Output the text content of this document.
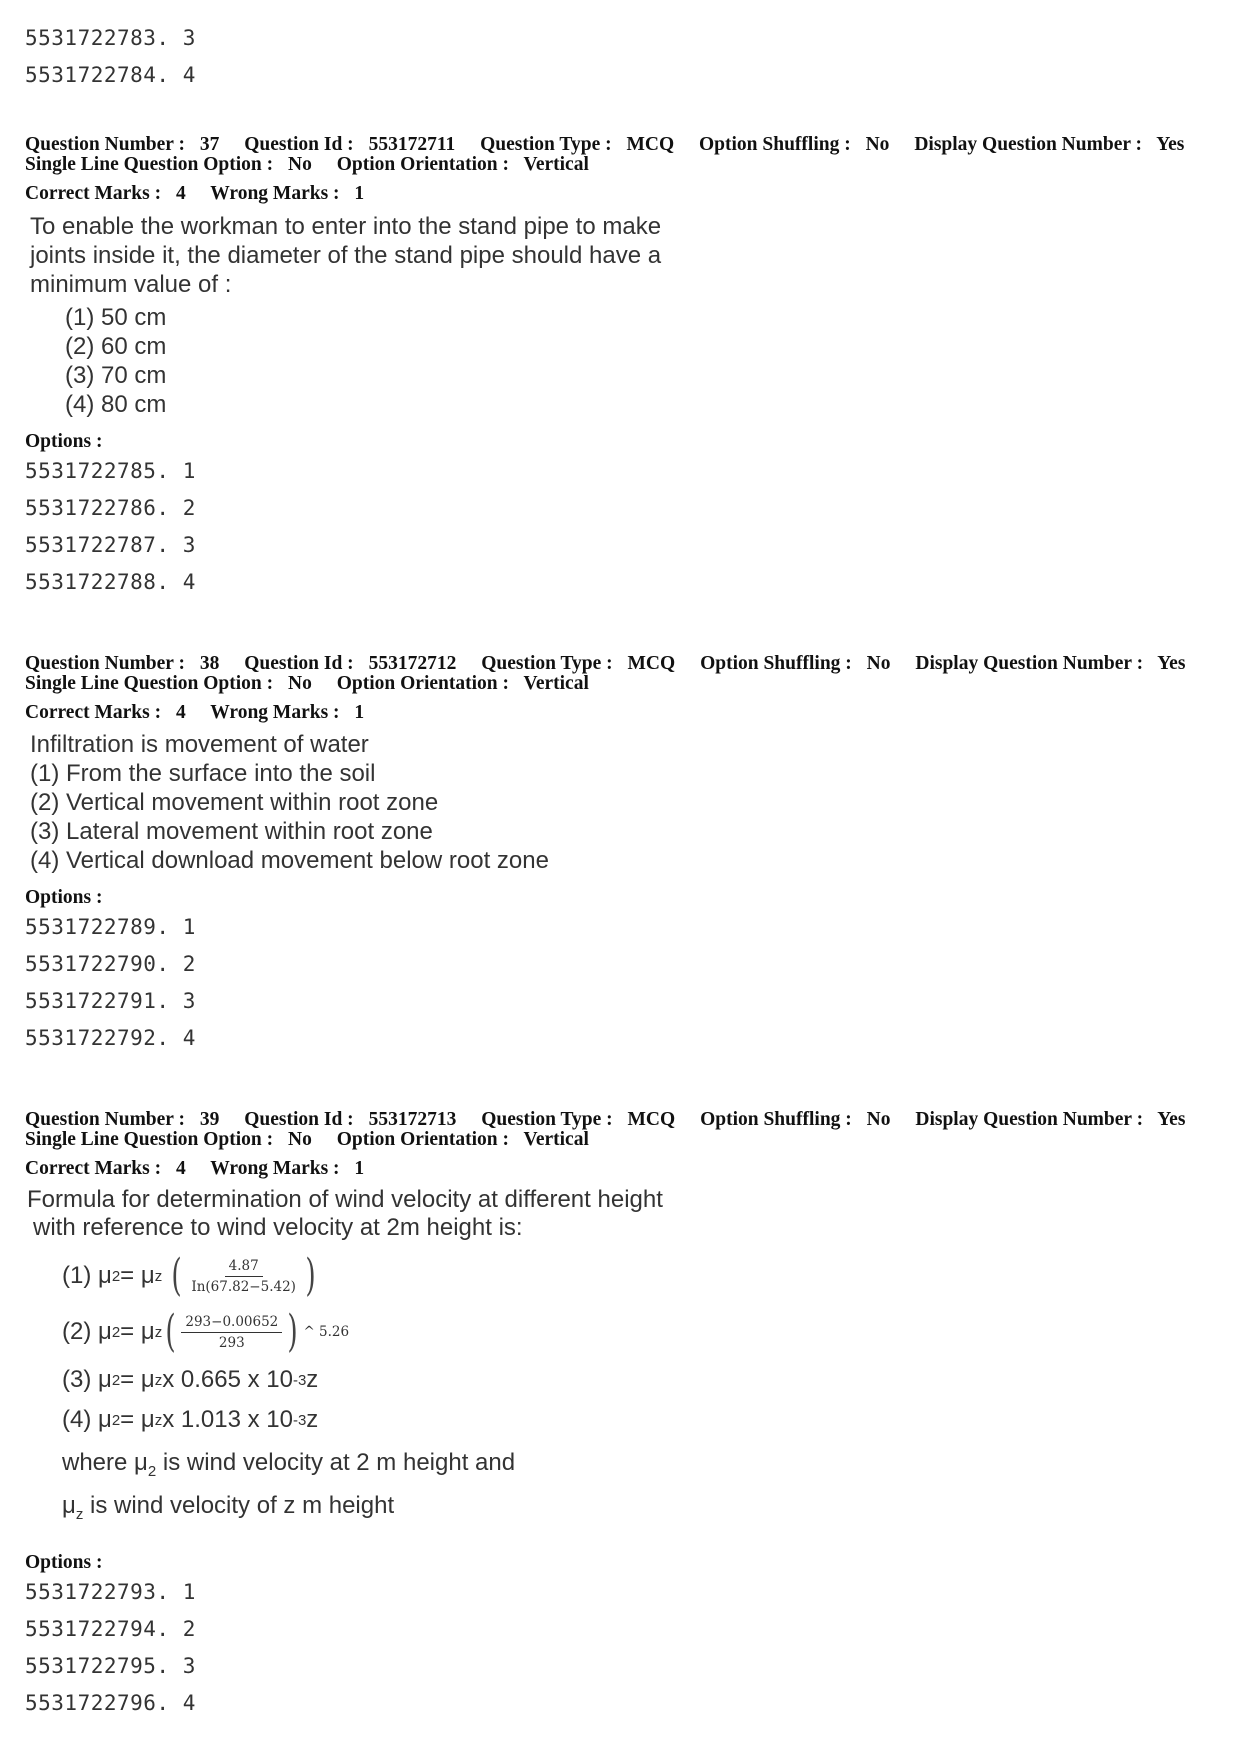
5531722783. 3
5531722784. 4
Question Number : 37 Question Id : 553172711 Question Type : MCQ Option Shuffling : No Display Question Number : Yes
Single Line Question Option : No Option Orientation : Vertical
Correct Marks : 4 Wrong Marks : 1
To enable the workman to enter into the stand pipe to make
joints inside it, the diameter of the stand pipe should have a
minimum value of :
(1) 50 cm
(2) 60 cm
(3) 70 cm
(4) 80 cm
Options :
5531722785. 1
5531722786. 2
5531722787. 3
5531722788. 4
Question Number : 38 Question Id : 553172712 Question Type : MCQ Option Shuffling : No Display Question Number : Yes
Single Line Question Option : No Option Orientation : Vertical
Correct Marks : 4 Wrong Marks : 1
Infiltration is movement of water
(1) From the surface into the soil
(2) Vertical movement within root zone
(3) Lateral movement within root zone
(4) Vertical download movement below root zone
Options :
5531722789. 1
5531722790. 2
5531722791. 3
5531722792. 4
Question Number : 39 Question Id : 553172713 Question Type : MCQ Option Shuffling : No Display Question Number : Yes
Single Line Question Option : No Option Orientation : Vertical
Correct Marks : 4 Wrong Marks : 1
Formula for determination of wind velocity at different height
with reference to wind velocity at 2m height is:
(1) μ 2 = μ z ( $\frac{4.87}{In(67.82-5.42)}$ )
(2) μ 2 = μ z ( $\frac{293-0.00652}{293}$ ) ^ 5.26
(3) μ 2 = μ z x 0.665 x 10 -3 z
(4) μ 2 = μ z x 1.013 x 10 -3 z
where $\mu_2$ is wind velocity at 2 m height and
$\mu_z$ is wind velocity of z m height
Options :
5531722793. 1
5531722794. 2
5531722795. 3
5531722796. 4
